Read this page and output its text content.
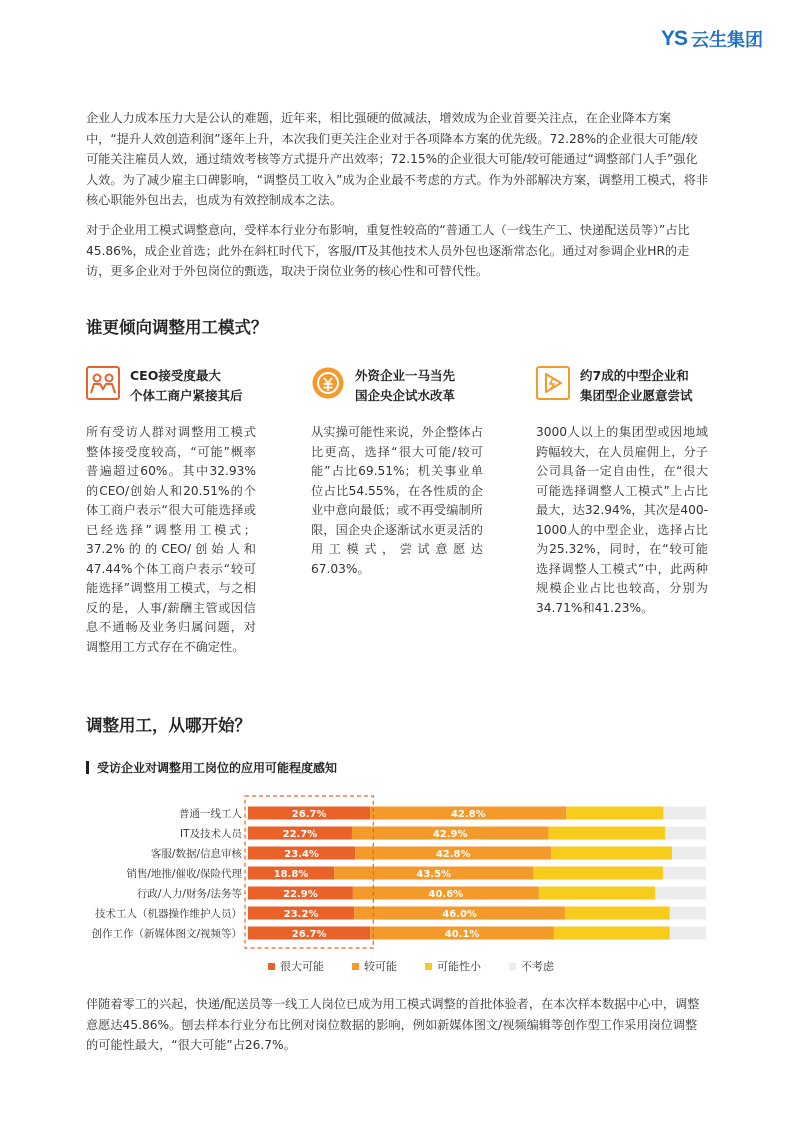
YS 云生集团

企业人力成本压力大是公认的难题，近年来，相比强硬的做减法，增效成为企业首要关注点，在企业降本方案中，“提升人效创造利润”逐年上升，本次我们更关注企业对于各项降本方案的优先级。72.28%的企业很大可能/较可能关注雇员人效，通过绩效考核等方式提升产出效率；72.15%的企业很大可能/较可能通过“调整部门人手”强化人效。为了减少雇主口碑影响，“调整员工收入”成为企业最不考虑的方式。作为外部解决方案，调整用工模式，将非核心职能外包出去，也成为有效控制成本之法。

对于企业用工模式调整意向，受样本行业分布影响，重复性较高的“普通工人（一线生产工、快递配送员等）”占比45.86%，成企业首选；此外在斜杠时代下，客服/IT及其他技术人员外包也逐渐常态化。通过对参调企业HR的走访，更多企业对于外包岗位的甄选，取决于岗位业务的核心性和可替代性。

谁更倾向调整用工模式？
CEO接受度最大
个体工商户紧接其后

所有受访人群对调整用工模式整体接受度较高，“可能”概率普遍超过60%。其中32.93%的CEO/创始人和20.51%的个体工商户表示“很大可能选择或已经选择”调整用工模式；37.2%的的CEO/创始人和47.44%个体工商户表示“较可能选择”调整用工模式，与之相反的是，人事/薪酬主管或因信息不通畅及业务归属问题，对调整用工方式存在不确定性。

外资企业一马当先
国企央企试水改革

从实操可能性来说，外企整体占比更高，选择“很大可能/较可能”占比69.51%；机关事业单位占比54.55%，在各性质的企业中意向最低；或不再受编制所限，国企央企逐渐试水更灵活的用工模式，尝试意愿达67.03%。

约7成的中型企业和
集团型企业愿意尝试

3000人以上的集团型或因地域跨幅较大，在人员雇佣上，分子公司具备一定自由性，在“很大可能选择调整人工模式”上占比最大，达32.94%，其次是400-1000人的中型企业，选择占比为25.32%，同时，在“较可能选择调整人工模式”中，此两种规模企业占比也较高，分别为34.71%和41.23%。

调整用工，从哪开始？
受访企业对调整用工岗位的应用可能程度感知
普通一线工人	26.7%	42.8%
IT及技术人员	22.7%	42.9%
客服/数据/信息审核	23.4%	42.8%
销售/地推/催收/保险代理	18.8%	43.5%
行政/人力/财务/法务等	22.9%	40.6%
技术工人（机器操作维护人员）	23.2%	46.0%
创作工作（新媒体图文/视频等）	26.7%	40.1%
很大可能	较可能	可能性小	不考虑

伴随着零工的兴起，快递/配送员等一线工人岗位已成为用工模式调整的首批体验者，在本次样本数据中心中，调整意愿达45.86%。刨去样本行业分布比例对岗位数据的影响，例如新媒体图文/视频编辑等创作型工作采用岗位调整的可能性最大，“很大可能”占26.7%。
